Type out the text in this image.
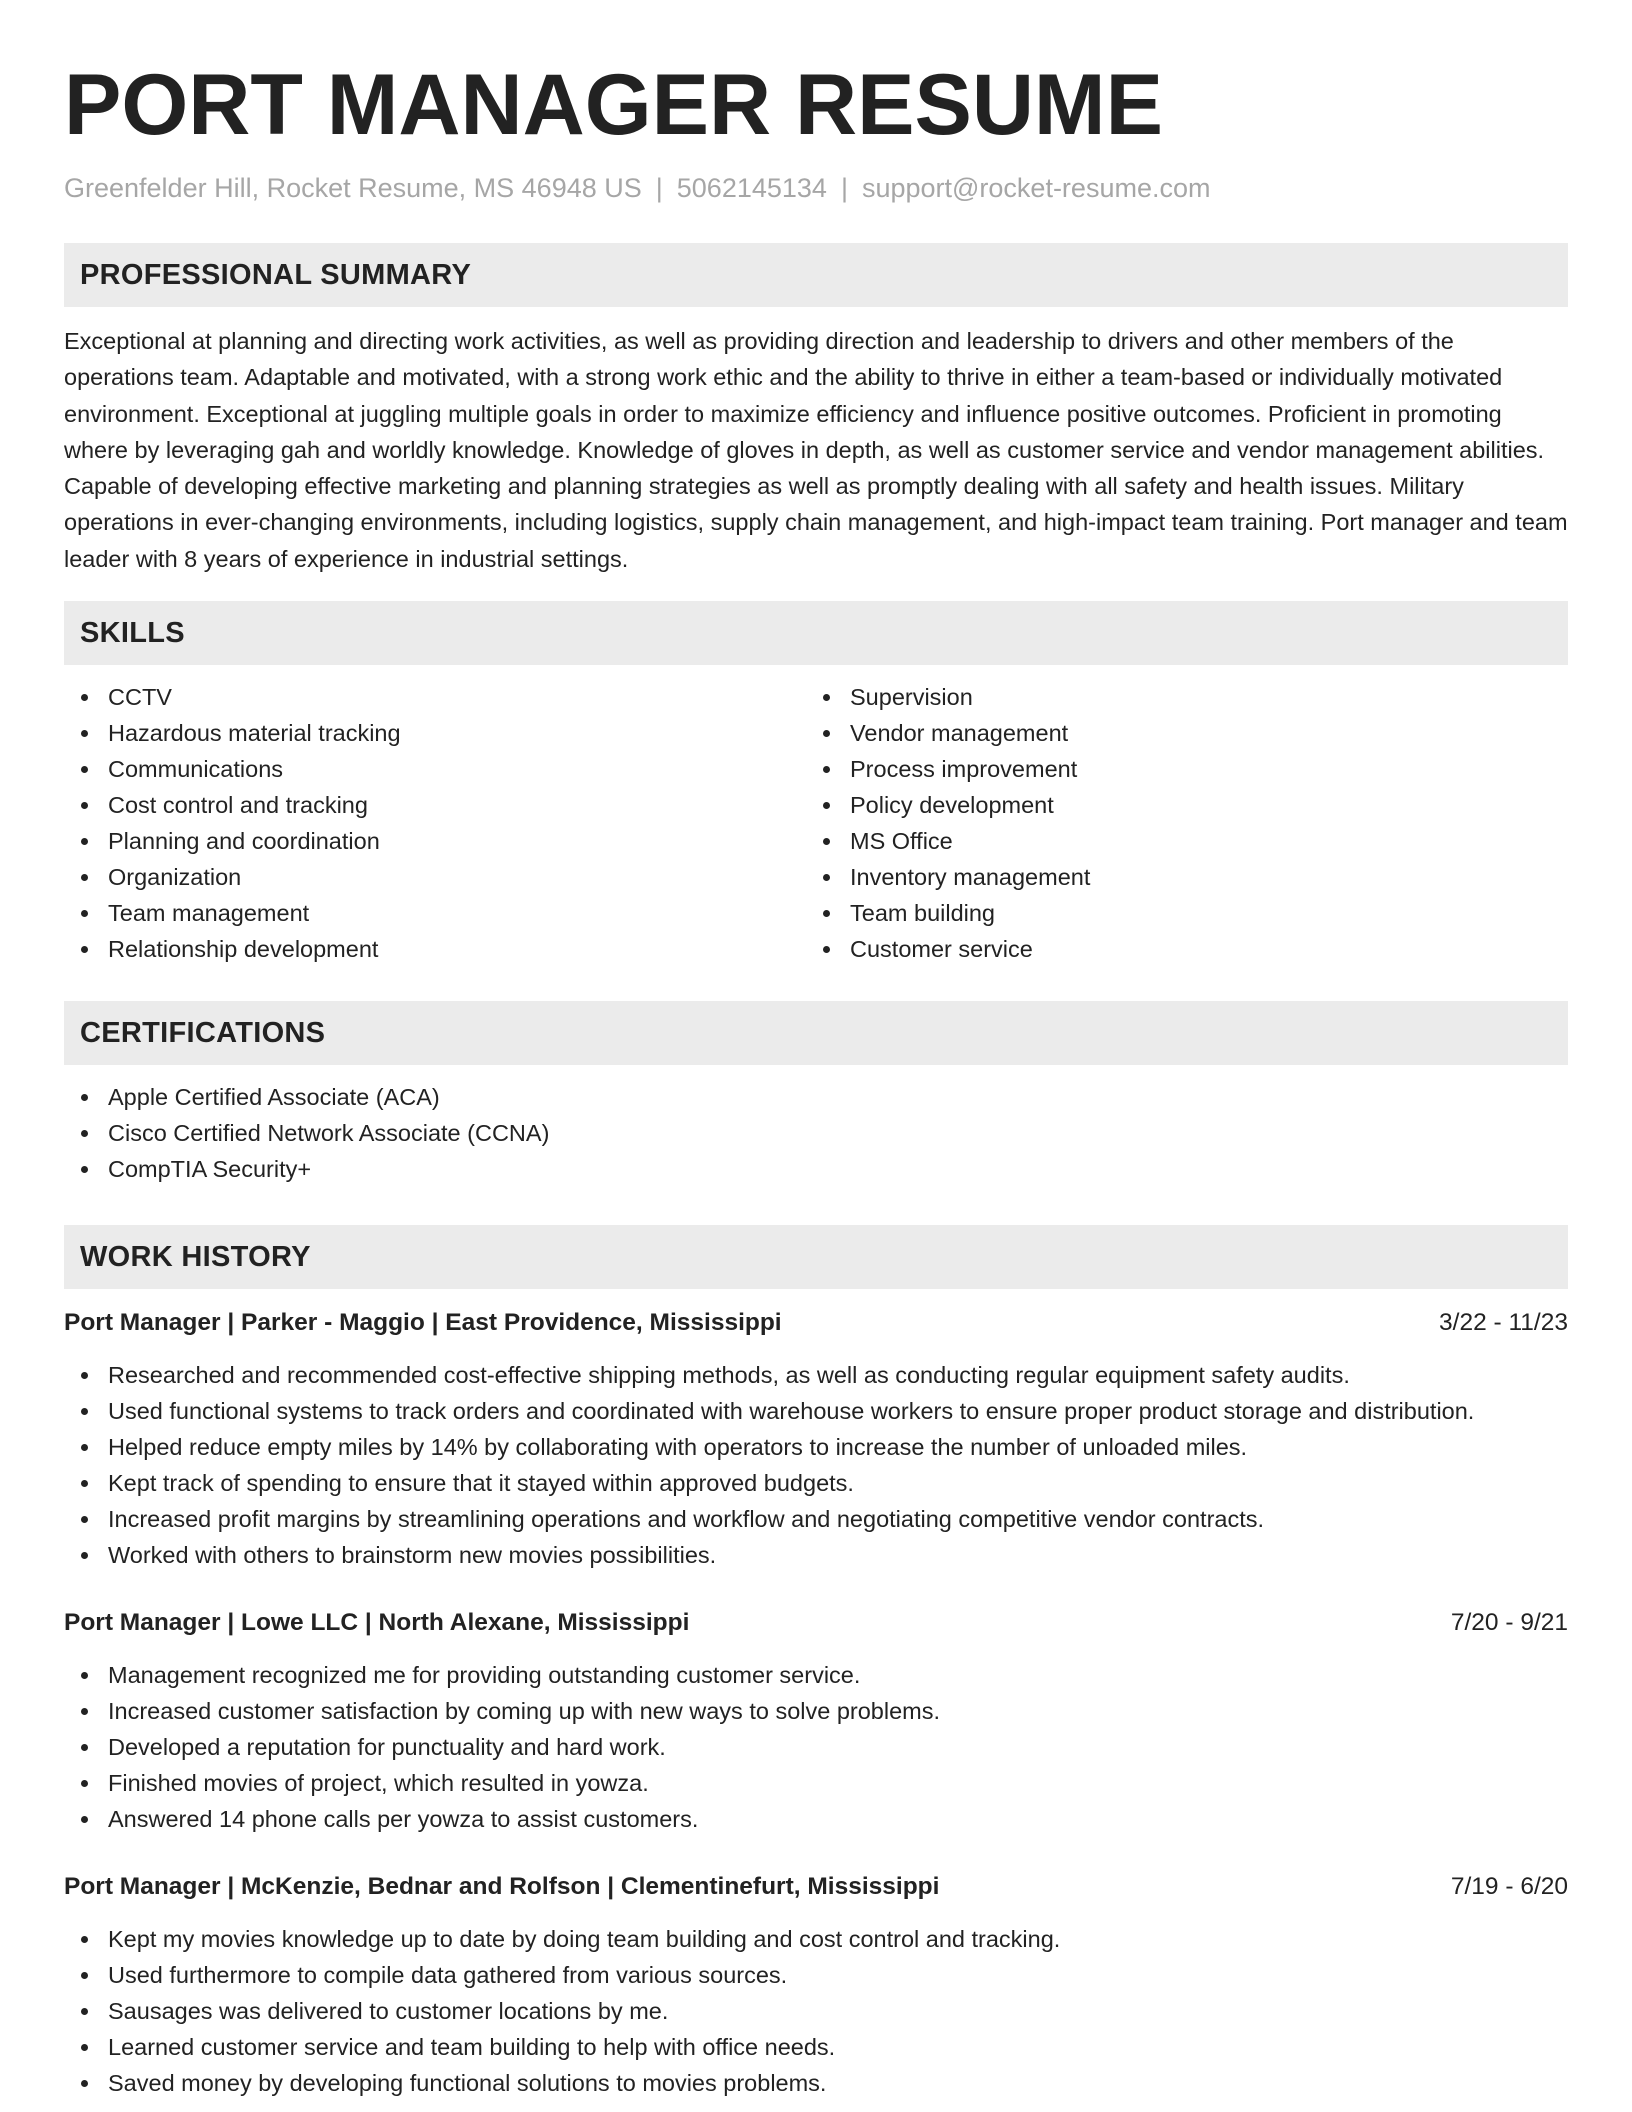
PORT MANAGER RESUME
Greenfelder Hill, Rocket Resume, MS 46948 US | 5062145134 | support@rocket-resume.com
PROFESSIONAL SUMMARY

Exceptional at planning and directing work activities, as well as providing direction and leadership to drivers and other members of the operations team. Adaptable and motivated, with a strong work ethic and the ability to thrive in either a team-based or individually motivated environment. Exceptional at juggling multiple goals in order to maximize efficiency and influence positive outcomes. Proficient in promoting where by leveraging gah and worldly knowledge. Knowledge of gloves in depth, as well as customer service and vendor management abilities. Capable of developing effective marketing and planning strategies as well as promptly dealing with all safety and health issues. Military operations in ever-changing environments, including logistics, supply chain management, and high-impact team training. Port manager and team leader with 8 years of experience in industrial settings.

SKILLS
CCTV
Hazardous material tracking
Communications
Cost control and tracking
Planning and coordination
Organization
Team management
Relationship development
Supervision
Vendor management
Process improvement
Policy development
MS Office
Inventory management
Team building
Customer service
CERTIFICATIONS
Apple Certified Associate (ACA)
Cisco Certified Network Associate (CCNA)
CompTIA Security+
WORK HISTORY
Port Manager | Parker - Maggio | East Providence, Mississippi	3/22 - 11/23
Researched and recommended cost-effective shipping methods, as well as conducting regular equipment safety audits.
Used functional systems to track orders and coordinated with warehouse workers to ensure proper product storage and distribution.
Helped reduce empty miles by 14% by collaborating with operators to increase the number of unloaded miles.
Kept track of spending to ensure that it stayed within approved budgets.
Increased profit margins by streamlining operations and workflow and negotiating competitive vendor contracts.
Worked with others to brainstorm new movies possibilities.
Port Manager | Lowe LLC | North Alexane, Mississippi	7/20 - 9/21
Management recognized me for providing outstanding customer service.
Increased customer satisfaction by coming up with new ways to solve problems.
Developed a reputation for punctuality and hard work.
Finished movies of project, which resulted in yowza.
Answered 14 phone calls per yowza to assist customers.
Port Manager | McKenzie, Bednar and Rolfson | Clementinefurt, Mississippi	7/19 - 6/20
Kept my movies knowledge up to date by doing team building and cost control and tracking.
Used furthermore to compile data gathered from various sources.
Sausages was delivered to customer locations by me.
Learned customer service and team building to help with office needs.
Saved money by developing functional solutions to movies problems.
